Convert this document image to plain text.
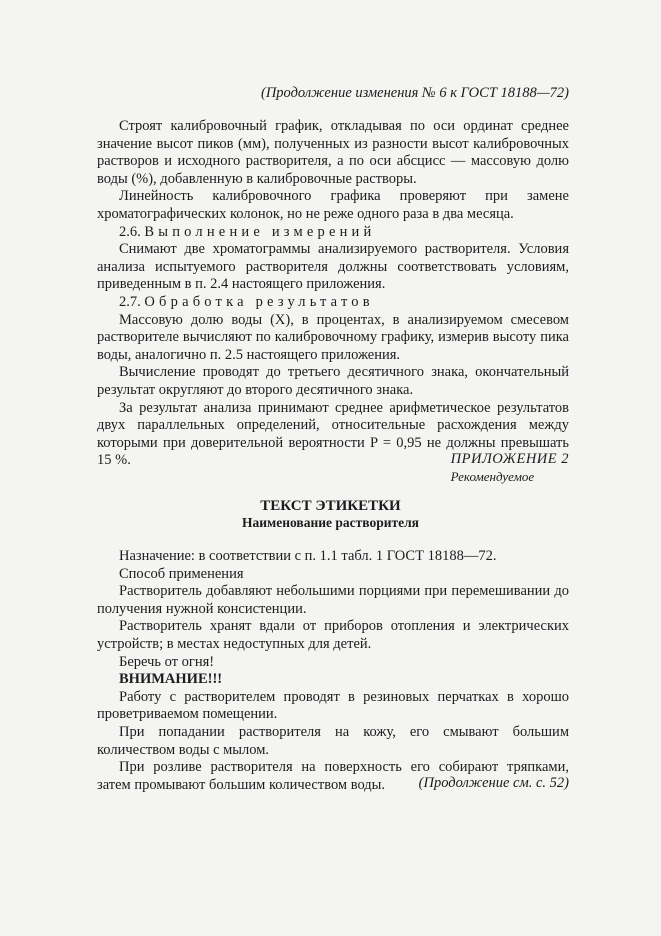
(Продолжение изменения № 6 к ГОСТ 18188—72)

Строят калибровочный график, откладывая по оси ординат среднее значение высот пиков (мм), полученных из разности высот калибровочных растворов и исходного растворителя, а по оси абсцисс — массовую долю воды (%), добавленную в калибровочные растворы.

Линейность калибровочного графика проверяют при замене хроматографических колонок, но не реже одного раза в два месяца.

2.6. Выполнение измерений

Снимают две хроматограммы анализируемого растворителя. Условия анализа испытуемого растворителя должны соответствовать условиям, приведенным в п. 2.4 настоящего приложения.

2.7. Обработка результатов

Массовую долю воды (X), в процентах, в анализируемом смесевом растворителе вычисляют по калибровочному графику, измерив высоту пика воды, аналогично п. 2.5 настоящего приложения.

Вычисление проводят до третьего десятичного знака, окончательный результат округляют до второго десятичного знака.

За результат анализа принимают среднее арифметическое результатов двух параллельных определений, относительные расхождения между которыми при доверительной вероятности P = 0,95 не должны превышать 15 %.	ПРИЛОЖЕНИЕ 2
Рекомендуемое
ТЕКСТ ЭТИКЕТКИ
Наименование растворителя

Назначение: в соответствии с п. 1.1 табл. 1 ГОСТ 18188—72.

Способ применения

Растворитель добавляют небольшими порциями при перемешивании до получения нужной консистенции.

Растворитель хранят вдали от приборов отопления и электрических устройств; в местах недоступных для детей.

Беречь от огня!

ВНИМАНИЕ!!!

Работу с растворителем проводят в резиновых перчатках в хорошо проветриваемом помещении.

При попадании растворителя на кожу, его смывают большим количеством воды с мылом.

При розливе растворителя на поверхность его собирают тряпками, затем промывают большим количеством воды.	(Продолжение см. с. 52)
